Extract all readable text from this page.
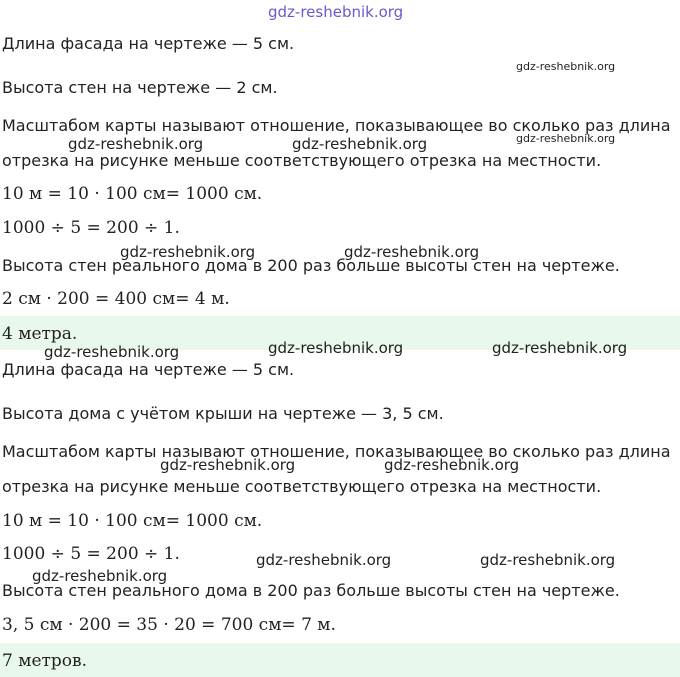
gdz-reshebnik.org
Длина фасада на чертеже — 5 см.
gdz-reshebnik.org
Высота стен на чертеже — 2 см.
Масштабом карты называют отношение, показывающее во сколько раз длина
gdz-reshebnik.org
gdz-reshebnik.org	gdz-reshebnik.org
отрезка на рисунке меньше соответствующего отрезка на местности.
10 м = 10 · 100 см= 1000 см.
1000 ÷ 5 = 200 ÷ 1.
gdz-reshebnik.org	gdz-reshebnik.org
Высота стен реального дома в 200 раз больше высоты стен на чертеже.
2 см · 200 = 400 см= 4 м.
4 метра.
gdz-reshebnik.org	gdz-reshebnik.org	gdz-reshebnik.org
Длина фасада на чертеже — 5 см.
Высота дома с учётом крыши на чертеже — 3, 5 см.
Масштабом карты называют отношение, показывающее во сколько раз длина
gdz-reshebnik.org	gdz-reshebnik.org
отрезка на рисунке меньше соответствующего отрезка на местности.
10 м = 10 · 100 см= 1000 см.
1000 ÷ 5 = 200 ÷ 1.	gdz-reshebnik.org	gdz-reshebnik.org
gdz-reshebnik.org
Высота стен реального дома в 200 раз больше высоты стен на чертеже.
3, 5 см · 200 = 35 · 20 = 700 см= 7 м.
7 метров.
